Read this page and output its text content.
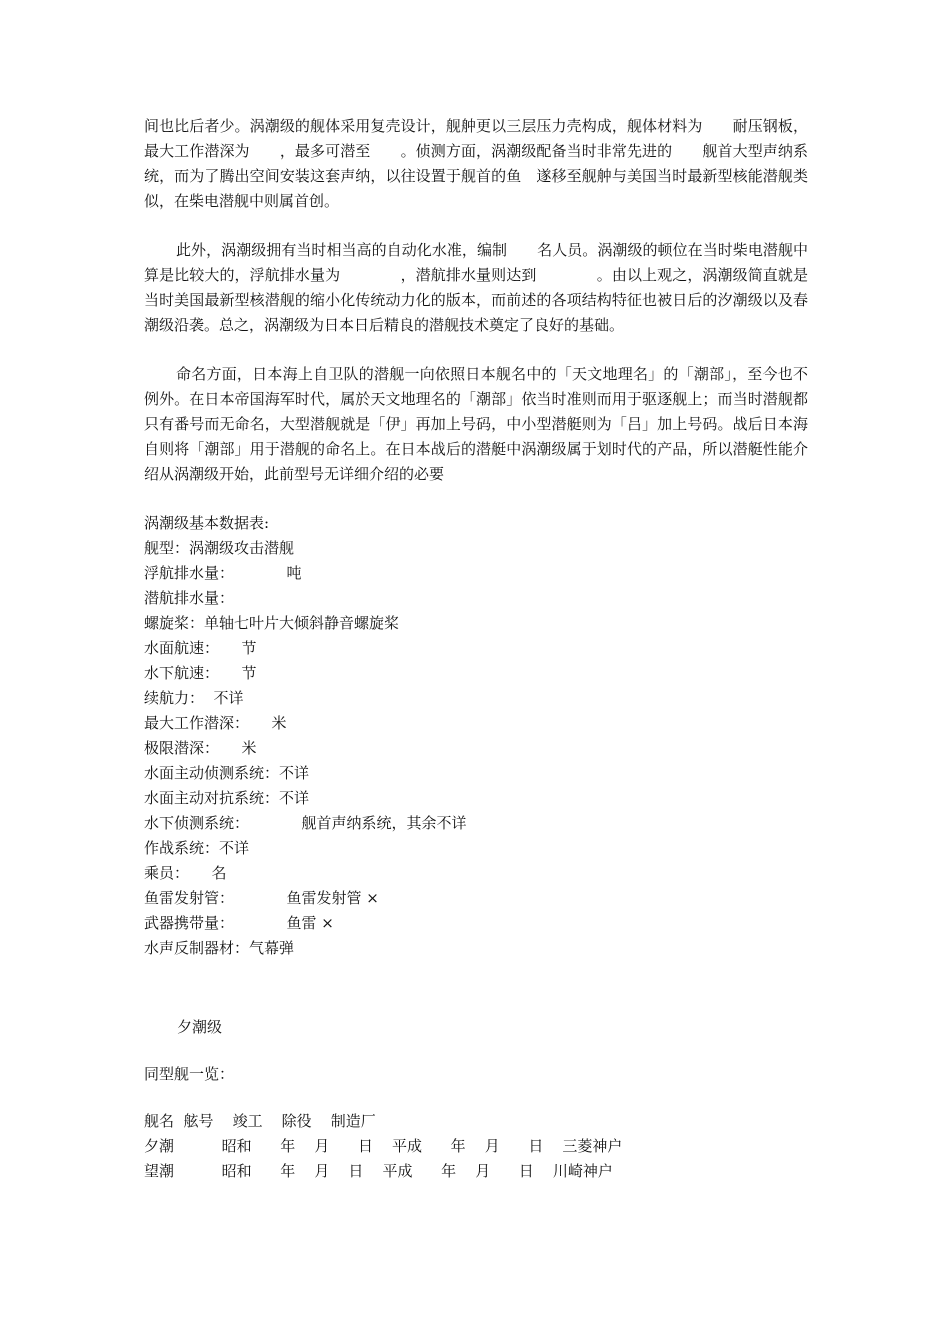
间也比后者少。涡潮级的舰体采用复壳设计，舰舯更以三层压力壳构成，舰体材料为　　耐压钢板，最大工作潜深为　　，最多可潜至　　。侦测方面，涡潮级配备当时非常先进的　　舰首大型声纳系统，而为了腾出空间安装这套声纳，以往设置于舰首的鱼　遂移至舰舯与美国当时最新型核能潜舰类似，在柴电潜舰中则属首创。

此外，涡潮级拥有当时相当高的自动化水准，编制　　名人员。涡潮级的顿位在当时柴电潜舰中算是比较大的，浮航排水量为　　　　，潜航排水量则达到　　　　。由以上观之，涡潮级简直就是当时美国最新型核潜舰的缩小化传统动力化的版本，而前述的各项结构特征也被日后的汐潮级以及春潮级沿袭。总之，涡潮级为日本日后精良的潜舰技术奠定了良好的基础。

命名方面，日本海上自卫队的潜舰一向依照日本舰名中的「天文地理名」的「潮部」，至今也不例外。在日本帝国海军时代，属於天文地理名的「潮部」依当时准则而用于驱逐舰上；而当时潜舰都只有番号而无命名，大型潜舰就是「伊」再加上号码，中小型潜艇则为「吕」加上号码。战后日本海自则将「潮部」用于潜舰的命名上。在日本战后的潜艇中涡潮级属于划时代的产品，所以潜艇性能介绍从涡潮级开始，此前型号无详细介绍的必要

涡潮级基本数据表:

舰型：涡潮级攻击潜舰

浮航排水量：　　　　吨

潜航排水量：

螺旋桨：单轴七叶片大倾斜静音螺旋桨

水面航速：　　节

水下航速：　　节

续航力：  不详

最大工作潜深：　　米

极限潜深：　　米

水面主动侦测系统：不详

水面主动对抗系统：不详

水下侦测系统：　　　　舰首声纳系统，其余不详

作战系统：不详

乘员：　　名

鱼雷发射管：　　　　鱼雷发射管 ×

武器携带量：　　　　鱼雷 ×

水声反制器材：气幕弹

夕潮级

同型舰一览：

舰名  舷号    竣工    除役    制造厂

夕潮          昭和      年    月      日    平成      年    月      日    三菱神户

望潮          昭和      年    月    日    平成      年    月      日    川崎神户
